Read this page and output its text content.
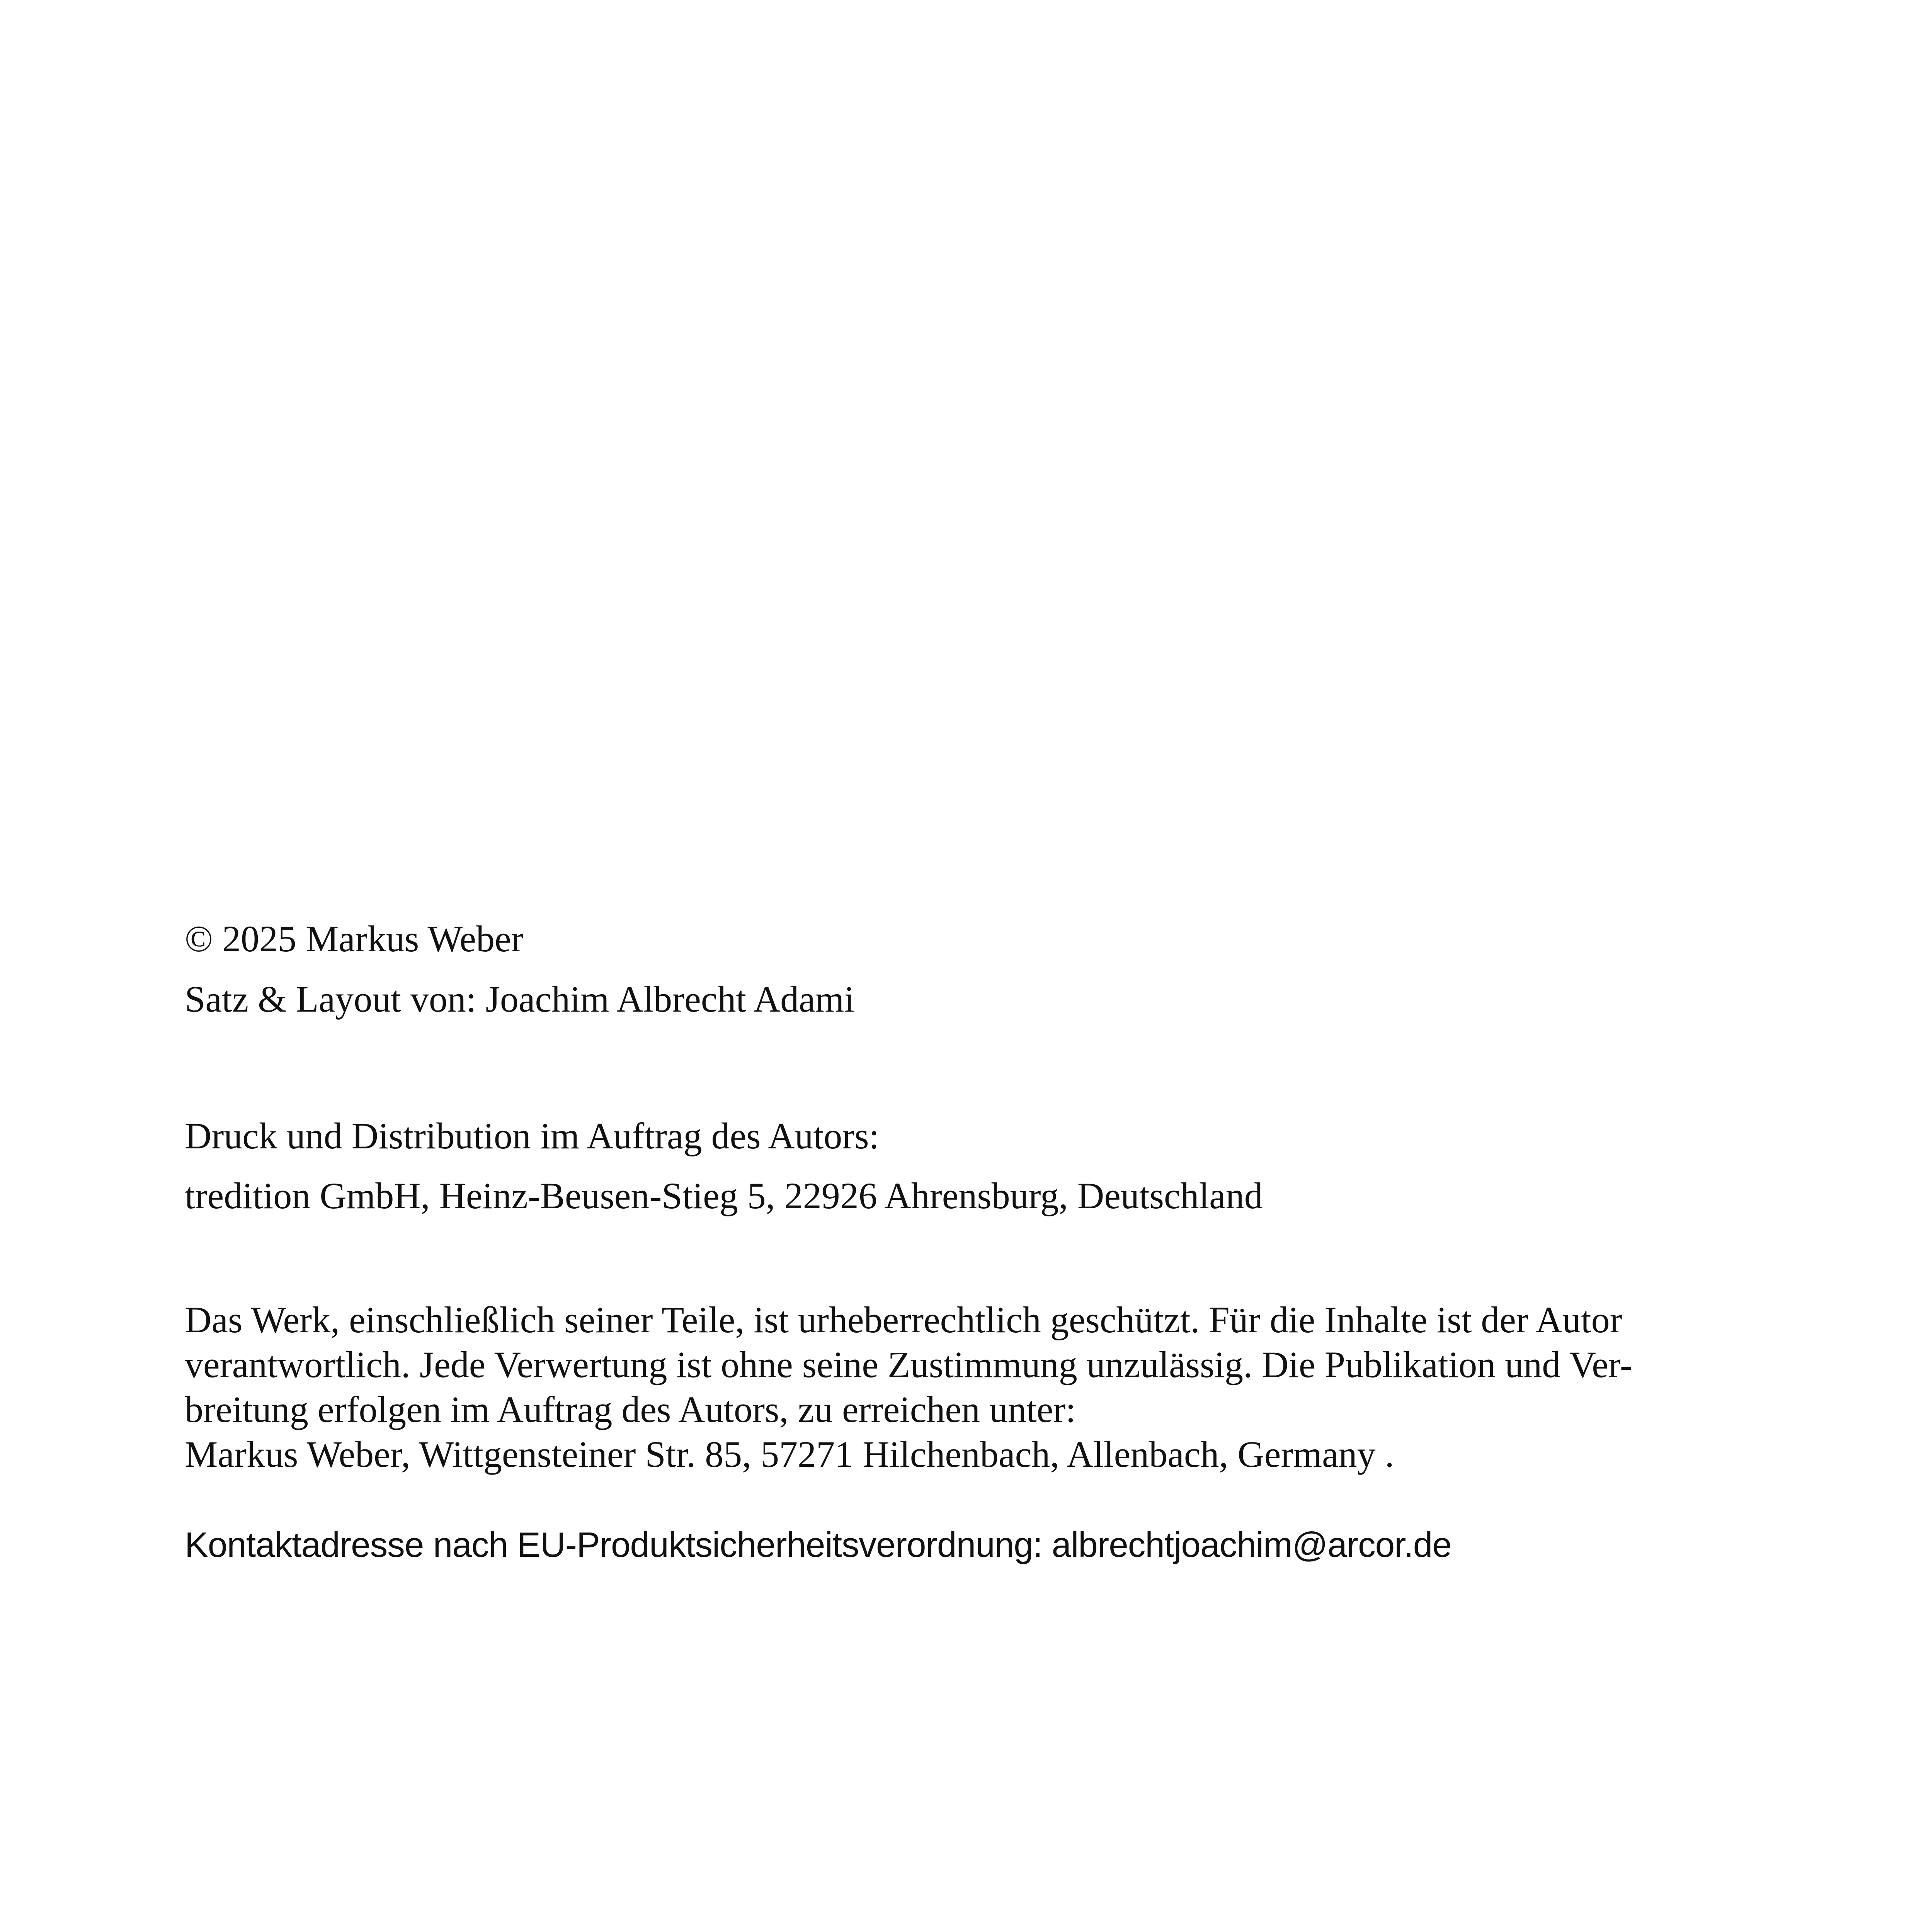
© 2025 Markus Weber
Satz & Layout von: Joachim Albrecht Adami
Druck und Distribution im Auftrag des Autors:
tredition GmbH, Heinz-Beusen-Stieg 5, 22926 Ahrensburg, Deutschland
Das Werk, einschließlich seiner Teile, ist urheberrechtlich geschützt. Für die Inhalte ist der Autor
verantwortlich. Jede Verwertung ist ohne seine Zustimmung unzulässig. Die Publikation und Ver-
breitung erfolgen im Auftrag des Autors, zu erreichen unter:
Markus Weber, Wittgensteiner Str. 85, 57271 Hilchenbach, Allenbach, Germany .
Kontaktadresse nach EU-Produktsicherheitsverordnung: albrechtjoachim@arcor.de
